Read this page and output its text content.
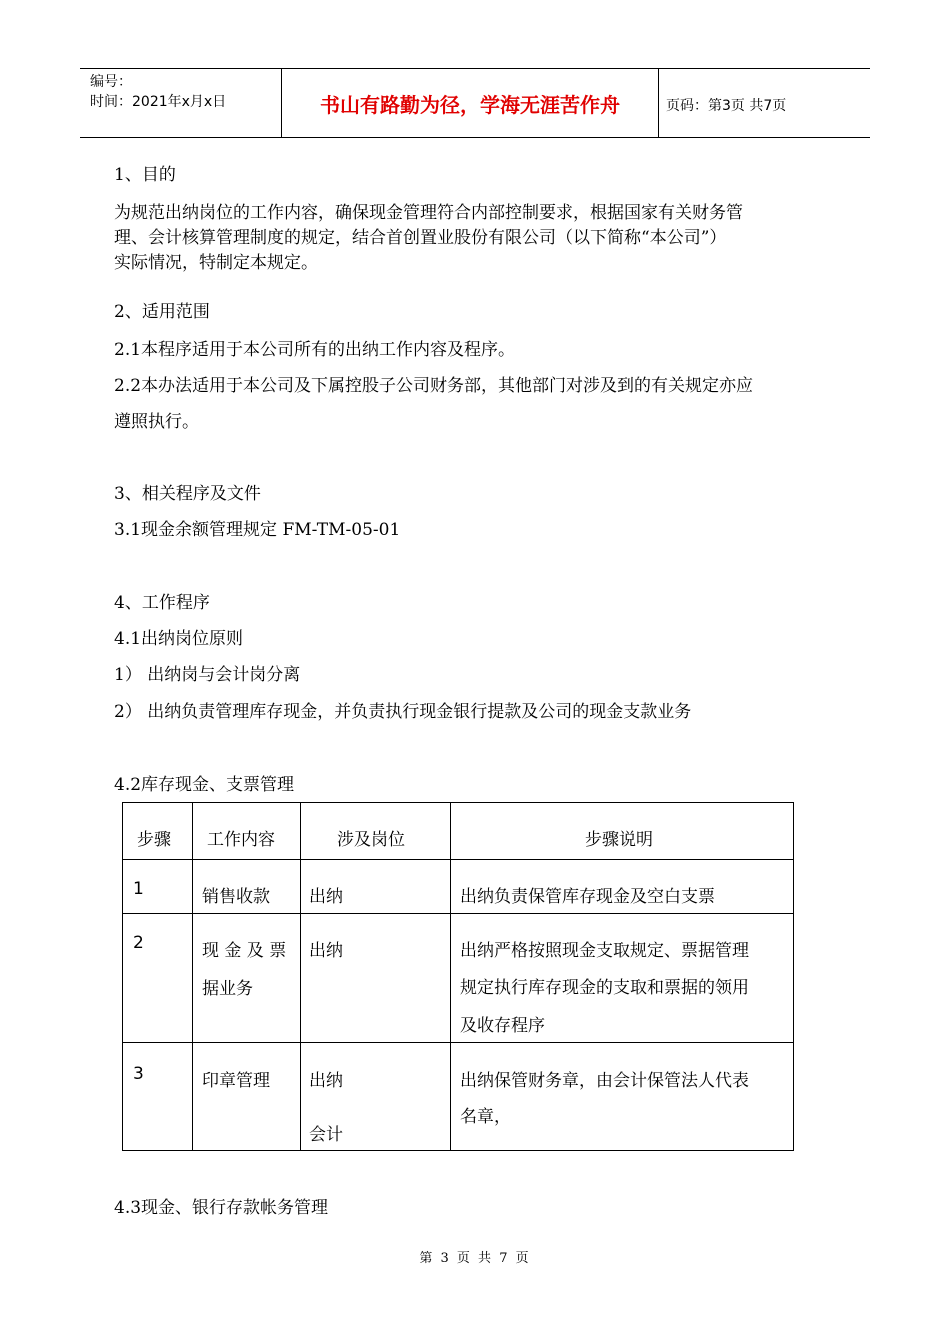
编号：
时间：2021年x月x日	书山有路勤为径，学海无涯苦作舟	页码：第3页 共7页
1、目的
为规范出纳岗位的工作内容，确保现金管理符合内部控制要求，根据国家有关财务管
理、会计核算管理制度的规定，结合首创置业股份有限公司（以下简称“本公司”）
实际情况，特制定本规定。
2、适用范围
2.1本程序适用于本公司所有的出纳工作内容及程序。
2.2本办法适用于本公司及下属控股子公司财务部，其他部门对涉及到的有关规定亦应
遵照执行。
3、相关程序及文件
3.1现金余额管理规定 FM-TM-05-01
4、工作程序
4.1出纳岗位原则
1） 出纳岗与会计岗分离
2） 出纳负责管理库存现金，并负责执行现金银行提款及公司的现金支款业务
4.2库存现金、支票管理
步骤	工作内容	涉及岗位	步骤说明

1	销售收款	出纳	出纳负责保管库存现金及空白支票

2	现 金 及 票
据业务	出纳	出纳严格按照现金支取规定、票据管理
规定执行库存现金的支取和票据的领用
及收存程序

3	印章管理	出纳
会计	出纳保管财务章，由会计保管法人代表
名章，
4.3现金、银行存款帐务管理
第 3 页 共 7 页
